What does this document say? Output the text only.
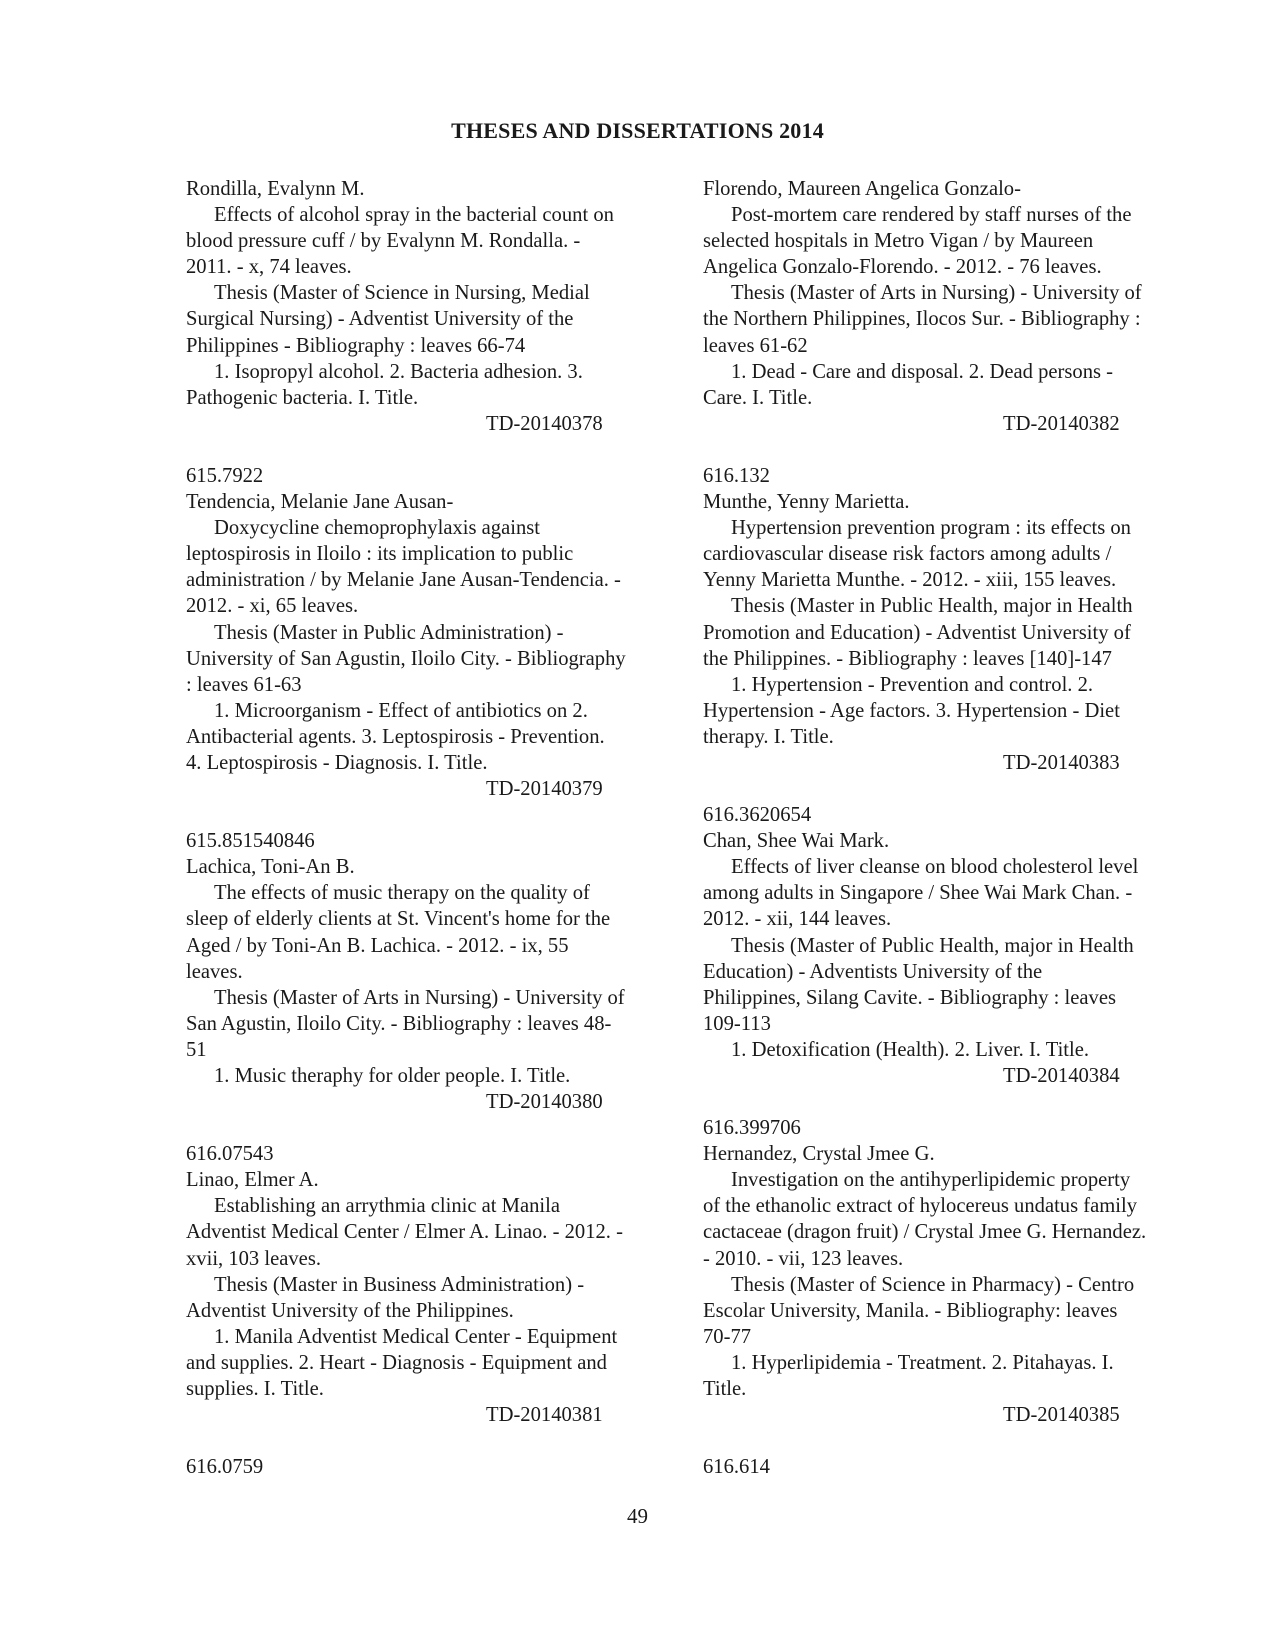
THESES AND DISSERTATIONS 2014
Rondilla, Evalynn M.
Effects of alcohol spray in the bacterial count on
blood pressure cuff / by Evalynn M. Rondalla. -
2011. - x, 74 leaves.
Thesis (Master of Science in Nursing, Medial
Surgical Nursing) - Adventist University of the
Philippines - Bibliography : leaves 66-74
1. Isopropyl alcohol. 2. Bacteria adhesion. 3.
Pathogenic bacteria. I. Title.
TD-20140378
615.7922
Tendencia, Melanie Jane Ausan-
Doxycycline chemoprophylaxis against
leptospirosis in Iloilo : its implication to public
administration / by Melanie Jane Ausan-Tendencia. -
2012. - xi, 65 leaves.
Thesis (Master in Public Administration) -
University of San Agustin, Iloilo City. - Bibliography
: leaves 61-63
1. Microorganism - Effect of antibiotics on 2.
Antibacterial agents. 3. Leptospirosis - Prevention.
4. Leptospirosis - Diagnosis. I. Title.
TD-20140379
615.851540846
Lachica, Toni-An B.
The effects of music therapy on the quality of
sleep of elderly clients at St. Vincent's home for the
Aged / by Toni-An B. Lachica. - 2012. - ix, 55
leaves.
Thesis (Master of Arts in Nursing) - University of
San Agustin, Iloilo City. - Bibliography : leaves 48-
51
1. Music theraphy for older people. I. Title.
TD-20140380
616.07543
Linao, Elmer A.
Establishing an arrythmia clinic at Manila
Adventist Medical Center / Elmer A. Linao. - 2012. -
xvii, 103 leaves.
Thesis (Master in Business Administration) -
Adventist University of the Philippines.
1. Manila Adventist Medical Center - Equipment
and supplies. 2. Heart - Diagnosis - Equipment and
supplies. I. Title.
TD-20140381
616.0759
Florendo, Maureen Angelica Gonzalo-
Post-mortem care rendered by staff nurses of the
selected hospitals in Metro Vigan / by Maureen
Angelica Gonzalo-Florendo. - 2012. - 76 leaves.
Thesis (Master of Arts in Nursing) - University of
the Northern Philippines, Ilocos Sur. - Bibliography :
leaves 61-62
1. Dead - Care and disposal. 2. Dead persons -
Care. I. Title.
TD-20140382
616.132
Munthe, Yenny Marietta.
Hypertension prevention program : its effects on
cardiovascular disease risk factors among adults /
Yenny Marietta Munthe. - 2012. - xiii, 155 leaves.
Thesis (Master in Public Health, major in Health
Promotion and Education) - Adventist University of
the Philippines. - Bibliography : leaves [140]-147
1. Hypertension - Prevention and control. 2.
Hypertension - Age factors. 3. Hypertension - Diet
therapy. I. Title.
TD-20140383
616.3620654
Chan, Shee Wai Mark.
Effects of liver cleanse on blood cholesterol level
among adults in Singapore / Shee Wai Mark Chan. -
2012. - xii, 144 leaves.
Thesis (Master of Public Health, major in Health
Education) - Adventists University of the
Philippines, Silang Cavite. - Bibliography : leaves
109-113
1. Detoxification (Health). 2. Liver. I. Title.
TD-20140384
616.399706
Hernandez, Crystal Jmee G.
Investigation on the antihyperlipidemic property
of the ethanolic extract of hylocereus undatus family
cactaceae (dragon fruit) / Crystal Jmee G. Hernandez.
- 2010. - vii, 123 leaves.
Thesis (Master of Science in Pharmacy) - Centro
Escolar University, Manila. - Bibliography: leaves
70-77
1. Hyperlipidemia - Treatment. 2. Pitahayas. I.
Title.
TD-20140385
616.614
49
